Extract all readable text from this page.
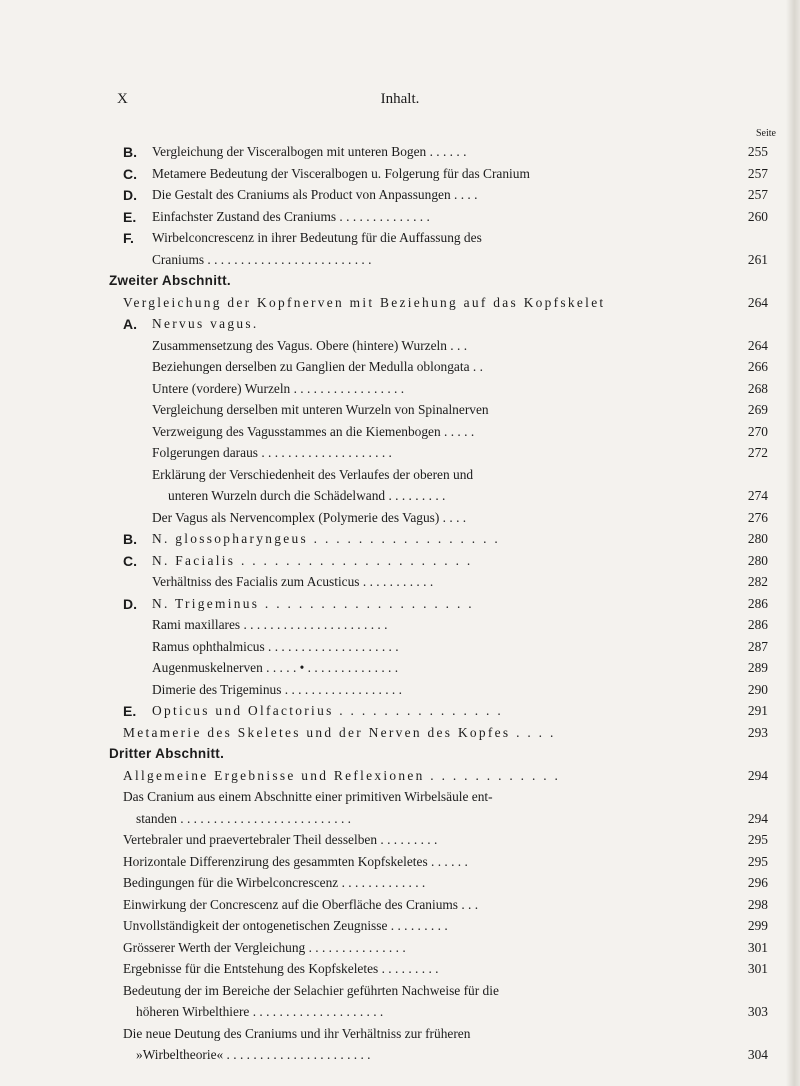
X	Inhalt.
Seite
B. Vergleichung der Visceralbogen mit unteren Bogen . . . . . .	255
C. Metamere Bedeutung der Visceralbogen u. Folgerung für das Cranium	257
D. Die Gestalt des Craniums als Product von Anpassungen . . . .	257
E. Einfachster Zustand des Craniums . . . . . . . . . . . . . .	260
F. Wirbelconcrescenz in ihrer Bedeutung für die Auffassung des
Craniums . . . . . . . . . . . . . . . . . . . . . . . . .	261
Zweiter Abschnitt.
Vergleichung der Kopfnerven mit Beziehung auf das Kopfskelet	264
A. Nervus vagus.
Zusammensetzung des Vagus. Obere (hintere) Wurzeln . . .	264
Beziehungen derselben zu Ganglien der Medulla oblongata . .	266
Untere (vordere) Wurzeln . . . . . . . . . . . . . . . . .	268
Vergleichung derselben mit unteren Wurzeln von Spinalnerven	269
Verzweigung des Vagusstammes an die Kiemenbogen . . . . .	270
Folgerungen daraus . . . . . . . . . . . . . . . . . . . .	272
Erklärung der Verschiedenheit des Verlaufes der oberen und
unteren Wurzeln durch die Schädelwand . . . . . . . . .	274
Der Vagus als Nervencomplex (Polymerie des Vagus) . . . .	276
B. N. glossopharyngeus . . . . . . . . . . . . . . . . .	280
C. N. Facialis . . . . . . . . . . . . . . . . . . . . .	280
Verhältniss des Facialis zum Acusticus . . . . . . . . . . .	282
D. N. Trigeminus . . . . . . . . . . . . . . . . . . .	286
Rami maxillares . . . . . . . . . . . . . . . . . . . . . .	286
Ramus ophthalmicus . . . . . . . . . . . . . . . . . . . .	287
Augenmuskelnerven . . . . . • . . . . . . . . . . . . . .	289
Dimerie des Trigeminus . . . . . . . . . . . . . . . . . .	290
E. Opticus und Olfactorius . . . . . . . . . . . . . . .	291
Metamerie des Skeletes und der Nerven des Kopfes . . . .	293
Dritter Abschnitt.
Allgemeine Ergebnisse und Reflexionen . . . . . . . . . . . .	294
Das Cranium aus einem Abschnitte einer primitiven Wirbelsäule ent-
standen . . . . . . . . . . . . . . . . . . . . . . . . . .	294
Vertebraler und praevertebraler Theil desselben . . . . . . . . .	295
Horizontale Differenzirung des gesammten Kopfskeletes . . . . . .	295
Bedingungen für die Wirbelconcrescenz . . . . . . . . . . . . .	296
Einwirkung der Concrescenz auf die Oberfläche des Craniums . . .	298
Unvollständigkeit der ontogenetischen Zeugnisse . . . . . . . . .	299
Grösserer Werth der Vergleichung . . . . . . . . . . . . . . .	301
Ergebnisse für die Entstehung des Kopfskeletes . . . . . . . . .	301
Bedeutung der im Bereiche der Selachier geführten Nachweise für die
höheren Wirbelthiere . . . . . . . . . . . . . . . . . . . .	303
Die neue Deutung des Craniums und ihr Verhältniss zur früheren
»Wirbeltheorie« . . . . . . . . . . . . . . . . . . . . . .	304
